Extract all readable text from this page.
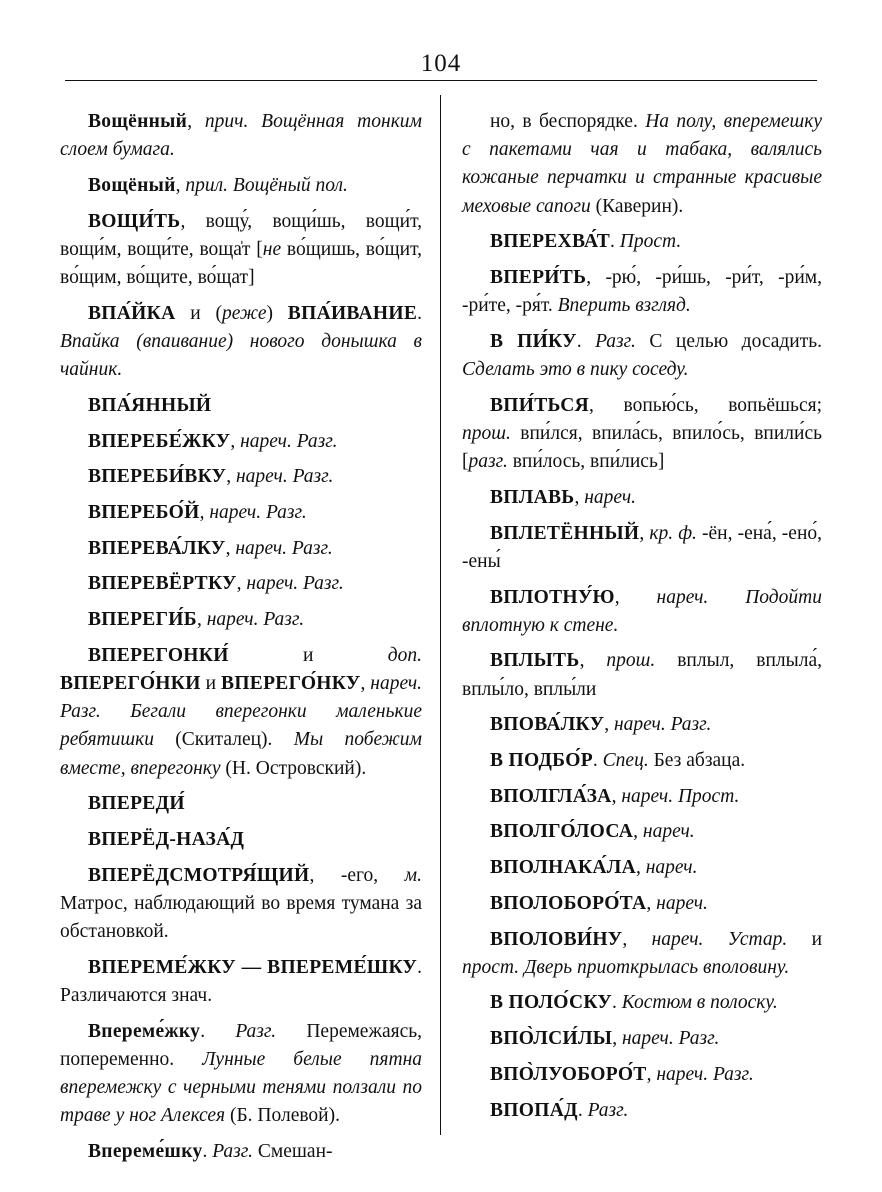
104

Вощённый, прич. Вощённая тонким слоем бумага.

Вощёный, прил. Вощёный пол.

ВОЩИ́ТЬ, вощу́, вощи́шь, вощи́т, вощи́м, вощи́те, вощa̍т [не во́щишь, во́щит, во́щим, во́щите, во́щат]

ВПА́ЙКА и (реже) ВПА́ИВАНИЕ. Впайка (впаивание) нового донышка в чайник.

ВПА́ЯННЫЙ

ВПЕРЕБЕ́ЖКУ, нареч. Разг.

ВПЕРЕБИ́ВКУ, нареч. Разг.

ВПЕРЕБО́Й, нареч. Разг.

ВПЕРЕВА́ЛКУ, нареч. Разг.

ВПЕРЕВЁРТКУ, нареч. Разг.

ВПЕРЕГИ́Б, нареч. Разг.

ВПЕРЕГОНКИ́ и доп. ВПЕРЕГО́НКИ и ВПЕРЕГО́НКУ, нареч. Разг. Бегали вперегонки маленькие ребятишки (Скиталец). Мы побежим вместе, вперегонку (Н. Островский).

ВПЕРЕДИ́

ВПЕРЁД-НАЗА́Д

ВПЕРЁДСМОТРЯ́ЩИЙ, -его, м. Матрос, наблюдающий во время тумана за обстановкой.

ВПЕРЕМЕ́ЖКУ — ВПЕРЕМЕ́ШКУ. Различаются знач.

Впереме́жку. Разг. Перемежаясь, попеременно. Лунные белые пятна вперемежку с черными тенями ползали по траве у ног Алексея (Б. Полевой).

Впереме́шку. Разг. Смешан-

но, в беспорядке. На полу, вперемешку с пакетами чая и табака, валялись кожаные перчатки и странные красивые меховые сапоги (Каверин).

ВПЕРЕХВА́Т. Прост.

ВПЕРИ́ТЬ, -рю́, -ри́шь, -ри́т, -ри́м, -ри́те, -ря́т. Вперить взгляд.

В ПИ́КУ. Разг. С целью досадить. Сделать это в пику соседу.

ВПИ́ТЬСЯ, вопью́сь, вопьёшься; прош. впи́лся, впила́сь, впило́сь, впили́сь [разг. впи́лось, впи́лись]

ВПЛАВЬ, нареч.

ВПЛЕТЁННЫЙ, кр. ф. -ён, -ена́, -ено́, -ены́

ВПЛОТНУ́Ю, нареч. Подойти вплотную к стене.

ВПЛЫТЬ, прош. вплыл, вплыла́, вплы́ло, вплы́ли

ВПОВА́ЛКУ, нареч. Разг.

В ПОДБО́Р. Спец. Без абзаца.

ВПОЛГЛА́ЗА, нареч. Прост.

ВПОЛГО́ЛОСА, нареч.

ВПОЛНАКА́ЛА, нареч.

ВПОЛОБОРО́ТА, нареч.

ВПОЛОВИ́НУ, нареч. Устар. и прост. Дверь приоткрылась вполовину.

В ПОЛО́СКУ. Костюм в полоску.

ВПО̀ЛСИ́ЛЫ, нареч. Разг.

ВПО̀ЛУОБОРО́Т, нареч. Разг.

ВПОПА́Д. Разг.
